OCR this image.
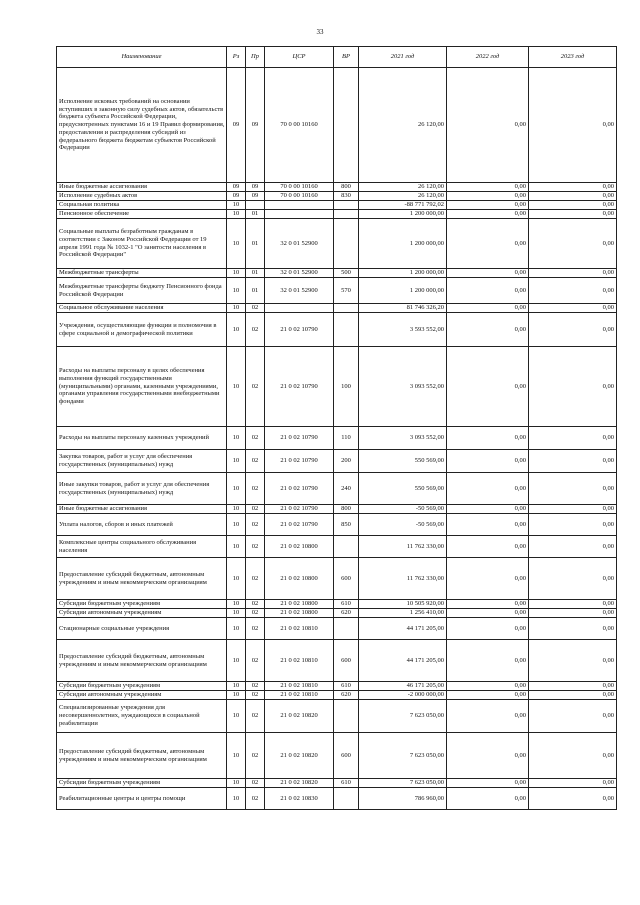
33
Наименование	Рз	Пр	ЦСР	ВР	2021 год	2022 год	2023 год
Исполнение исковых требований на основании вступивших в законную силу судебных актов, обязательств бюджета субъекта Российской Федерации, предусмотренных пунктами 16 и 19 Правил формирования, предоставления и распределения субсидий из федерального бюджета бюджетам субъектов Российской Федерации	09	09	70 0 00 10160		26 120,00	0,00	0,00
Иные бюджетные ассигнования	09	09	70 0 00 10160	800	26 120,00	0,00	0,00
Исполнение судебных актов	09	09	70 0 00 10160	830	26 120,00	0,00	0,00
Социальная политика	10				-88 771 792,02	0,00	0,00
Пенсионное обеспечение	10	01			1 200 000,00	0,00	0,00
Социальные выплаты безработным гражданам в соответствии с Законом Российской Федерации от 19 апреля 1991 года № 1032-1 "О занятости населения в Российской Федерации"	10	01	32 0 01 52900		1 200 000,00	0,00	0,00
Межбюджетные трансферты	10	01	32 0 01 52900	500	1 200 000,00	0,00	0,00
Межбюджетные трансферты бюджету Пенсионного фонда Российской Федерации	10	01	32 0 01 52900	570	1 200 000,00	0,00	0,00
Социальное обслуживание населения	10	02			81 746 326,20	0,00	0,00
Учреждения, осуществляющие функции и полномочия в сфере социальной и демографической политики	10	02	21 0 02 10790		3 593 552,00	0,00	0,00
Расходы на выплаты персоналу в целях обеспечения выполнения функций государственными (муниципальными) органами, казенными учреждениями, органами управления государственными внебюджетными фондами	10	02	21 0 02 10790	100	3 093 552,00	0,00	0,00
Расходы на выплаты персоналу казенных учреждений	10	02	21 0 02 10790	110	3 093 552,00	0,00	0,00
Закупка товаров, работ и услуг для обеспечения государственных (муниципальных) нужд	10	02	21 0 02 10790	200	550 569,00	0,00	0,00
Иные закупки товаров, работ и услуг для обеспечения государственных (муниципальных) нужд	10	02	21 0 02 10790	240	550 569,00	0,00	0,00
Иные бюджетные ассигнования	10	02	21 0 02 10790	800	-50 569,00	0,00	0,00
Уплата налогов, сборов и иных платежей	10	02	21 0 02 10790	850	-50 569,00	0,00	0,00
Комплексные центры социального обслуживания населения	10	02	21 0 02 10800		11 762 330,00	0,00	0,00
Предоставление субсидий бюджетным, автономным учреждениям и иным некоммерческим организациям	10	02	21 0 02 10800	600	11 762 330,00	0,00	0,00
Субсидии бюджетным учреждениям	10	02	21 0 02 10800	610	10 505 920,00	0,00	0,00
Субсидии автономным учреждениям	10	02	21 0 02 10800	620	1 256 410,00	0,00	0,00
Стационарные социальные учреждения	10	02	21 0 02 10810		44 171 205,00	0,00	0,00
Предоставление субсидий бюджетным, автономным учреждениям и иным некоммерческим организациям	10	02	21 0 02 10810	600	44 171 205,00	0,00	0,00
Субсидии бюджетным учреждениям	10	02	21 0 02 10810	610	46 171 205,00	0,00	0,00
Субсидии автономным учреждениям	10	02	21 0 02 10810	620	-2 000 000,00	0,00	0,00
Специализированные учреждения для несовершеннолетних, нуждающихся в социальной реабилитации	10	02	21 0 02 10820		7 623 050,00	0,00	0,00
Предоставление субсидий бюджетным, автономным учреждениям и иным некоммерческим организациям	10	02	21 0 02 10820	600	7 623 050,00	0,00	0,00
Субсидии бюджетным учреждениям	10	02	21 0 02 10820	610	7 623 050,00	0,00	0,00
Реабилитационные центры и центры помощи	10	02	21 0 02 10830		786 960,00	0,00	0,00
